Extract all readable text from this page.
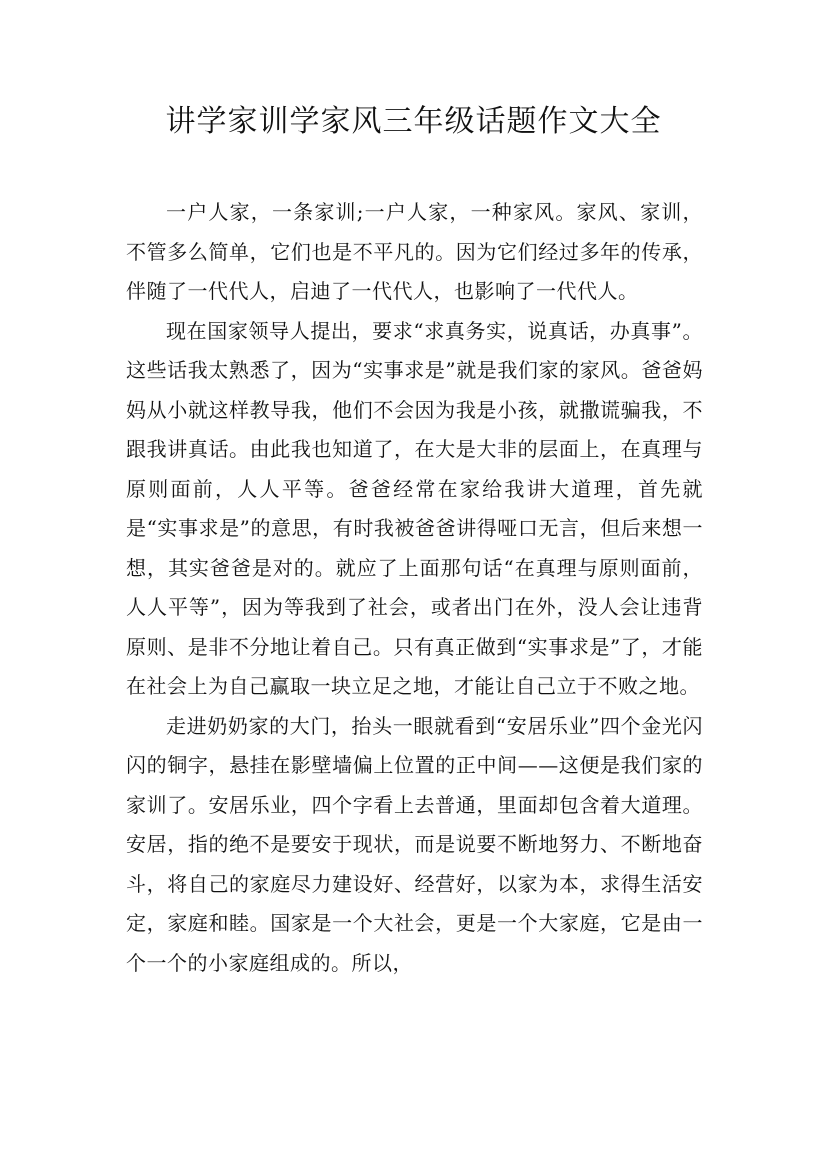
讲学家训学家风三年级话题作文大全

一户人家，一条家训;一户人家，一种家风。家风、家训，不管多么简单，它们也是不平凡的。因为它们经过多年的传承，伴随了一代代人，启迪了一代代人，也影响了一代代人。

现在国家领导人提出，要求“求真务实，说真话，办真事”。这些话我太熟悉了，因为“实事求是”就是我们家的家风。爸爸妈妈从小就这样教导我，他们不会因为我是小孩，就撒谎骗我，不跟我讲真话。由此我也知道了，在大是大非的层面上，在真理与原则面前，人人平等。爸爸经常在家给我讲大道理，首先就是“实事求是”的意思，有时我被爸爸讲得哑口无言，但后来想一想，其实爸爸是对的。就应了上面那句话“在真理与原则面前，人人平等”，因为等我到了社会，或者出门在外，没人会让违背原则、是非不分地让着自己。只有真正做到“实事求是”了，才能在社会上为自己赢取一块立足之地，才能让自己立于不败之地。

走进奶奶家的大门，抬头一眼就看到“安居乐业”四个金光闪闪的铜字，悬挂在影壁墙偏上位置的正中间——这便是我们家的家训了。安居乐业，四个字看上去普通，里面却包含着大道理。安居，指的绝不是要安于现状，而是说要不断地努力、不断地奋斗，将自己的家庭尽力建设好、经营好，以家为本，求得生活安定，家庭和睦。国家是一个大社会，更是一个大家庭，它是由一个一个的小家庭组成的。所以，
